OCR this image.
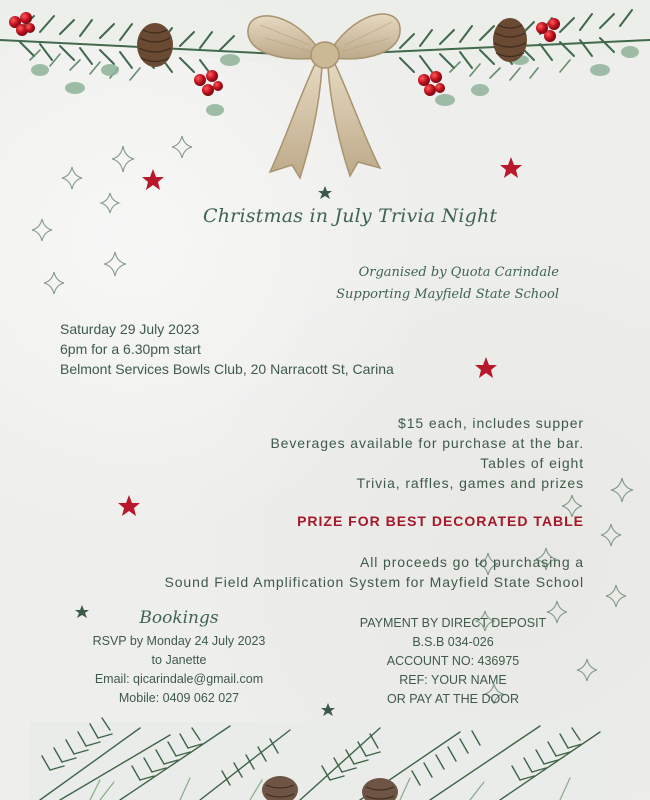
Christmas in July Trivia Night
Organised by Quota Carindale
Supporting Mayfield State School
Saturday 29 July 2023
6pm for a 6.30pm start
Belmont Services Bowls Club, 20 Narracott St, Carina
$15 each, includes supper
Beverages available for purchase at the bar.
Tables of eight
Trivia, raffles, games and prizes
PRIZE FOR BEST DECORATED TABLE
All proceeds go to purchasing a
Sound Field Amplification System for Mayfield State School
Bookings
RSVP by Monday 24 July 2023
to Janette
Email: qicarindale@gmail.com
Mobile: 0409 062 027
PAYMENT BY DIRECT DEPOSIT
B.S.B 034-026
ACCOUNT NO: 436975
REF: YOUR NAME
OR PAY AT THE DOOR
